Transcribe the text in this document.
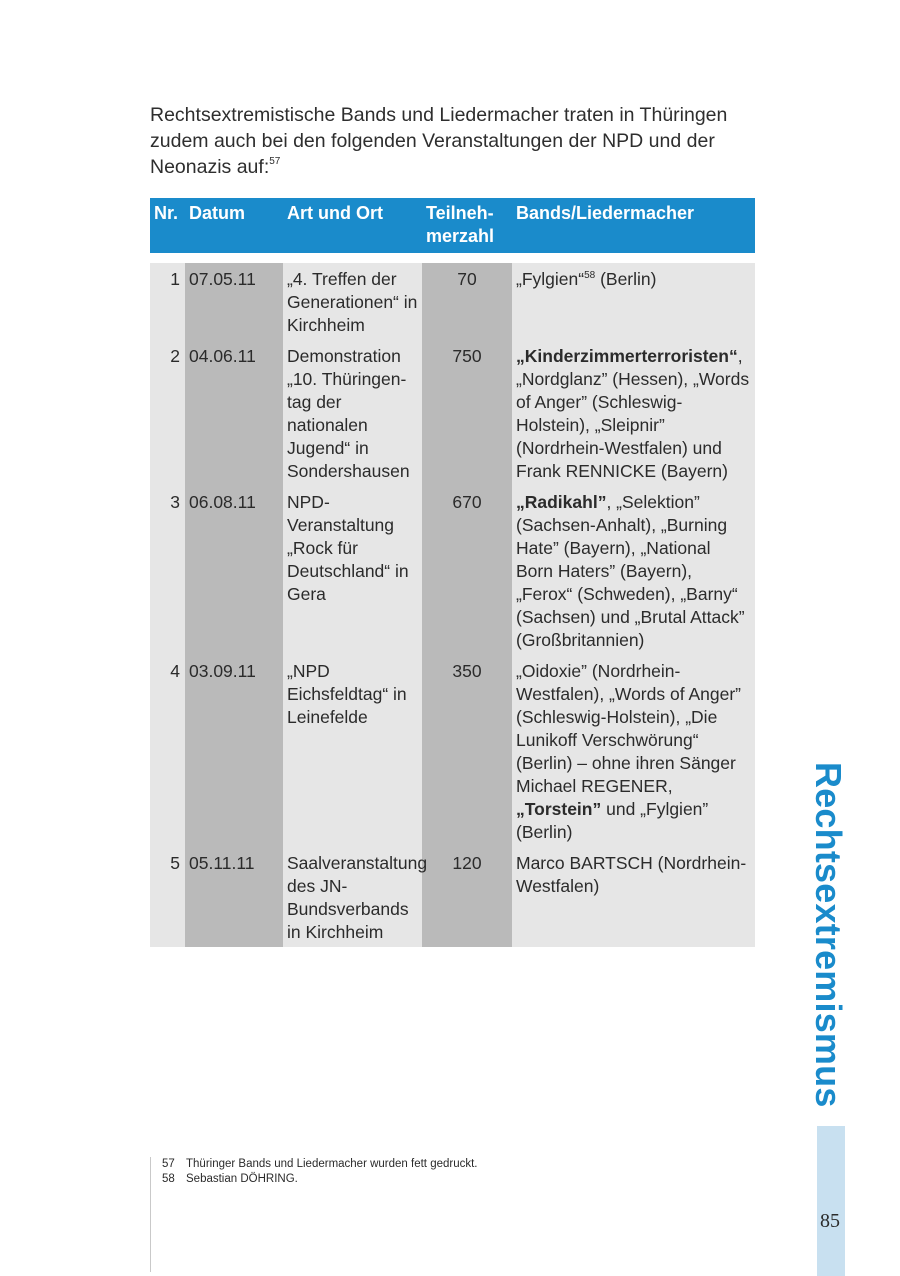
Rechtsextremistische Bands und Liedermacher traten in Thüringen zudem auch bei den folgenden Veranstaltungen der NPD und der Neonazis auf:$^{57}$

Nr.	Datum	Art und Ort	Teilneh-merzahl	Bands/Liedermacher

1	07.05.11	„4. Treffen der Generationen“ in Kirchheim	70	„Fylgien“$^{58}$ (Berlin)
2	04.06.11	Demonstration „10. Thüringen-tag der nationalen Jugend“ in Sondershausen	750	„Kinderzimmerterroristen“, „Nordglanz” (Hessen), „Words of Anger” (Schleswig-Holstein), „Sleipnir” (Nordrhein-Westfalen) und Frank RENNICKE (Bayern)
3	06.08.11	NPD-Veranstaltung „Rock für Deutschland“ in Gera	670	„Radikahl”, „Selektion” (Sachsen-Anhalt), „Burning Hate” (Bayern), „National Born Haters” (Bayern), „Ferox“ (Schweden), „Barny“ (Sachsen) und „Brutal Attack” (Großbritannien)
4	03.09.11	„NPD Eichsfeldtag“ in Leinefelde	350	„Oidoxie” (Nordrhein-Westfalen), „Words of Anger” (Schleswig-Holstein), „Die Lunikoff Verschwörung“ (Berlin) – ohne ihren Sänger Michael REGENER, „Torstein” und „Fylgien” (Berlin)
5	05.11.11	Saalveranstaltung des JN-Bundsverbands in Kirchheim	120	Marco BARTSCH (Nordrhein-Westfalen)	Rechtsextremismus
85
57 Thüringer Bands und Liedermacher wurden fett gedruckt.
58 Sebastian DÖHRING.
